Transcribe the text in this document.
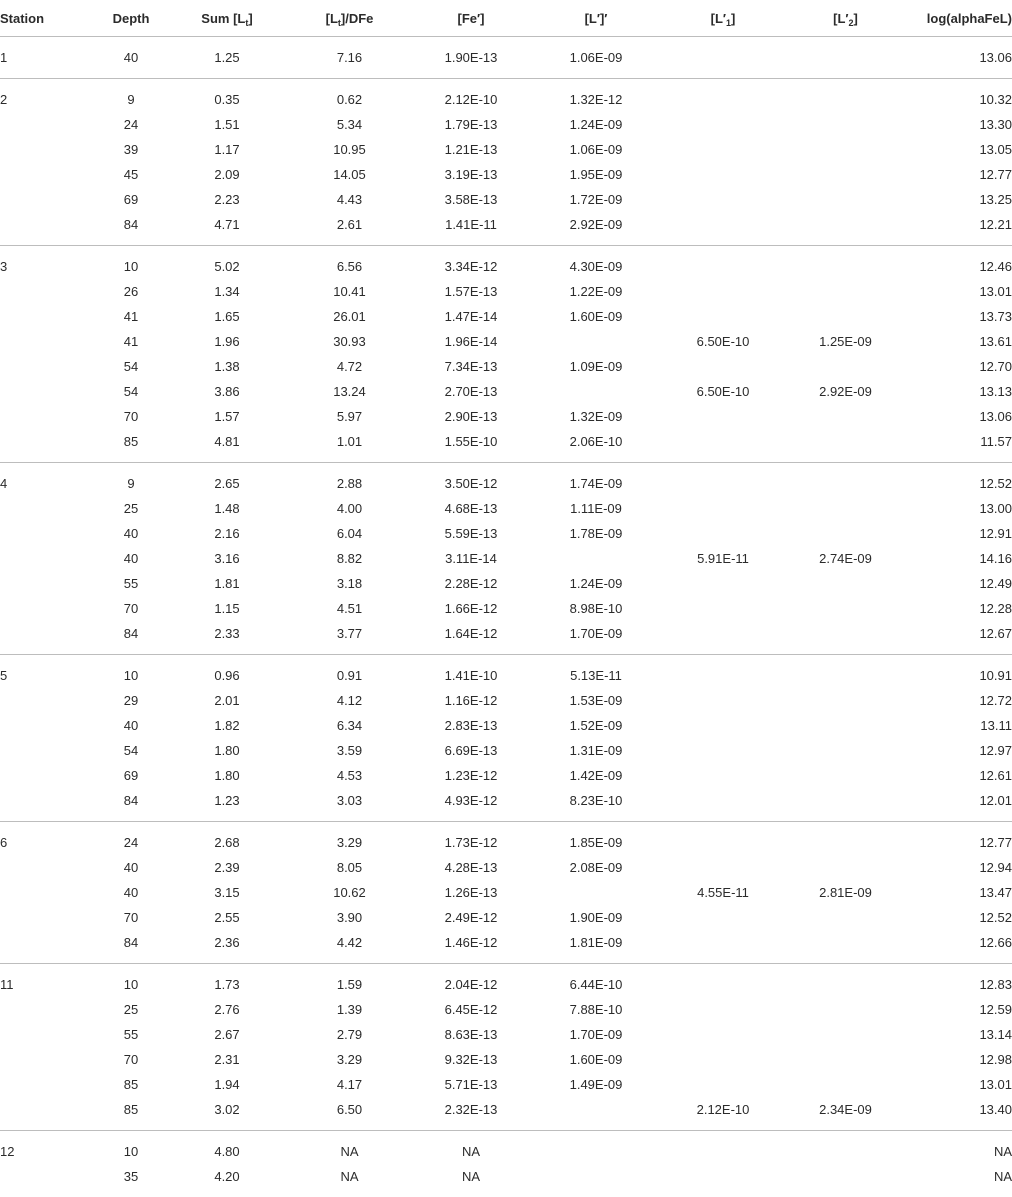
Station	Depth	Sum $[L_t]$	$[L_t]$/DFe	[Fe′]	[L′]′	$[L'_1]$	$[L'_2]$	log(alphaFeL)
1	40	1.25	7.16	1.90E-13	1.06E-09			13.06
2	9	0.35	0.62	2.12E-10	1.32E-12			10.32
	24	1.51	5.34	1.79E-13	1.24E-09			13.30
	39	1.17	10.95	1.21E-13	1.06E-09			13.05
	45	2.09	14.05	3.19E-13	1.95E-09			12.77
	69	2.23	4.43	3.58E-13	1.72E-09			13.25
	84	4.71	2.61	1.41E-11	2.92E-09			12.21
3	10	5.02	6.56	3.34E-12	4.30E-09			12.46
	26	1.34	10.41	1.57E-13	1.22E-09			13.01
	41	1.65	26.01	1.47E-14	1.60E-09			13.73
	41	1.96	30.93	1.96E-14		6.50E-10	1.25E-09	13.61
	54	1.38	4.72	7.34E-13	1.09E-09			12.70
	54	3.86	13.24	2.70E-13		6.50E-10	2.92E-09	13.13
	70	1.57	5.97	2.90E-13	1.32E-09			13.06
	85	4.81	1.01	1.55E-10	2.06E-10			11.57
4	9	2.65	2.88	3.50E-12	1.74E-09			12.52
	25	1.48	4.00	4.68E-13	1.11E-09			13.00
	40	2.16	6.04	5.59E-13	1.78E-09			12.91
	40	3.16	8.82	3.11E-14		5.91E-11	2.74E-09	14.16
	55	1.81	3.18	2.28E-12	1.24E-09			12.49
	70	1.15	4.51	1.66E-12	8.98E-10			12.28
	84	2.33	3.77	1.64E-12	1.70E-09			12.67
5	10	0.96	0.91	1.41E-10	5.13E-11			10.91
	29	2.01	4.12	1.16E-12	1.53E-09			12.72
	40	1.82	6.34	2.83E-13	1.52E-09			13.11
	54	1.80	3.59	6.69E-13	1.31E-09			12.97
	69	1.80	4.53	1.23E-12	1.42E-09			12.61
	84	1.23	3.03	4.93E-12	8.23E-10			12.01
6	24	2.68	3.29	1.73E-12	1.85E-09			12.77
	40	2.39	8.05	4.28E-13	2.08E-09			12.94
	40	3.15	10.62	1.26E-13		4.55E-11	2.81E-09	13.47
	70	2.55	3.90	2.49E-12	1.90E-09			12.52
	84	2.36	4.42	1.46E-12	1.81E-09			12.66
11	10	1.73	1.59	2.04E-12	6.44E-10			12.83
	25	2.76	1.39	6.45E-12	7.88E-10			12.59
	55	2.67	2.79	8.63E-13	1.70E-09			13.14
	70	2.31	3.29	9.32E-13	1.60E-09			12.98
	85	1.94	4.17	5.71E-13	1.49E-09			13.01
	85	3.02	6.50	2.32E-13		2.12E-10	2.34E-09	13.40
12	10	4.80	NA	NA				NA
	35	4.20	NA	NA				NA
